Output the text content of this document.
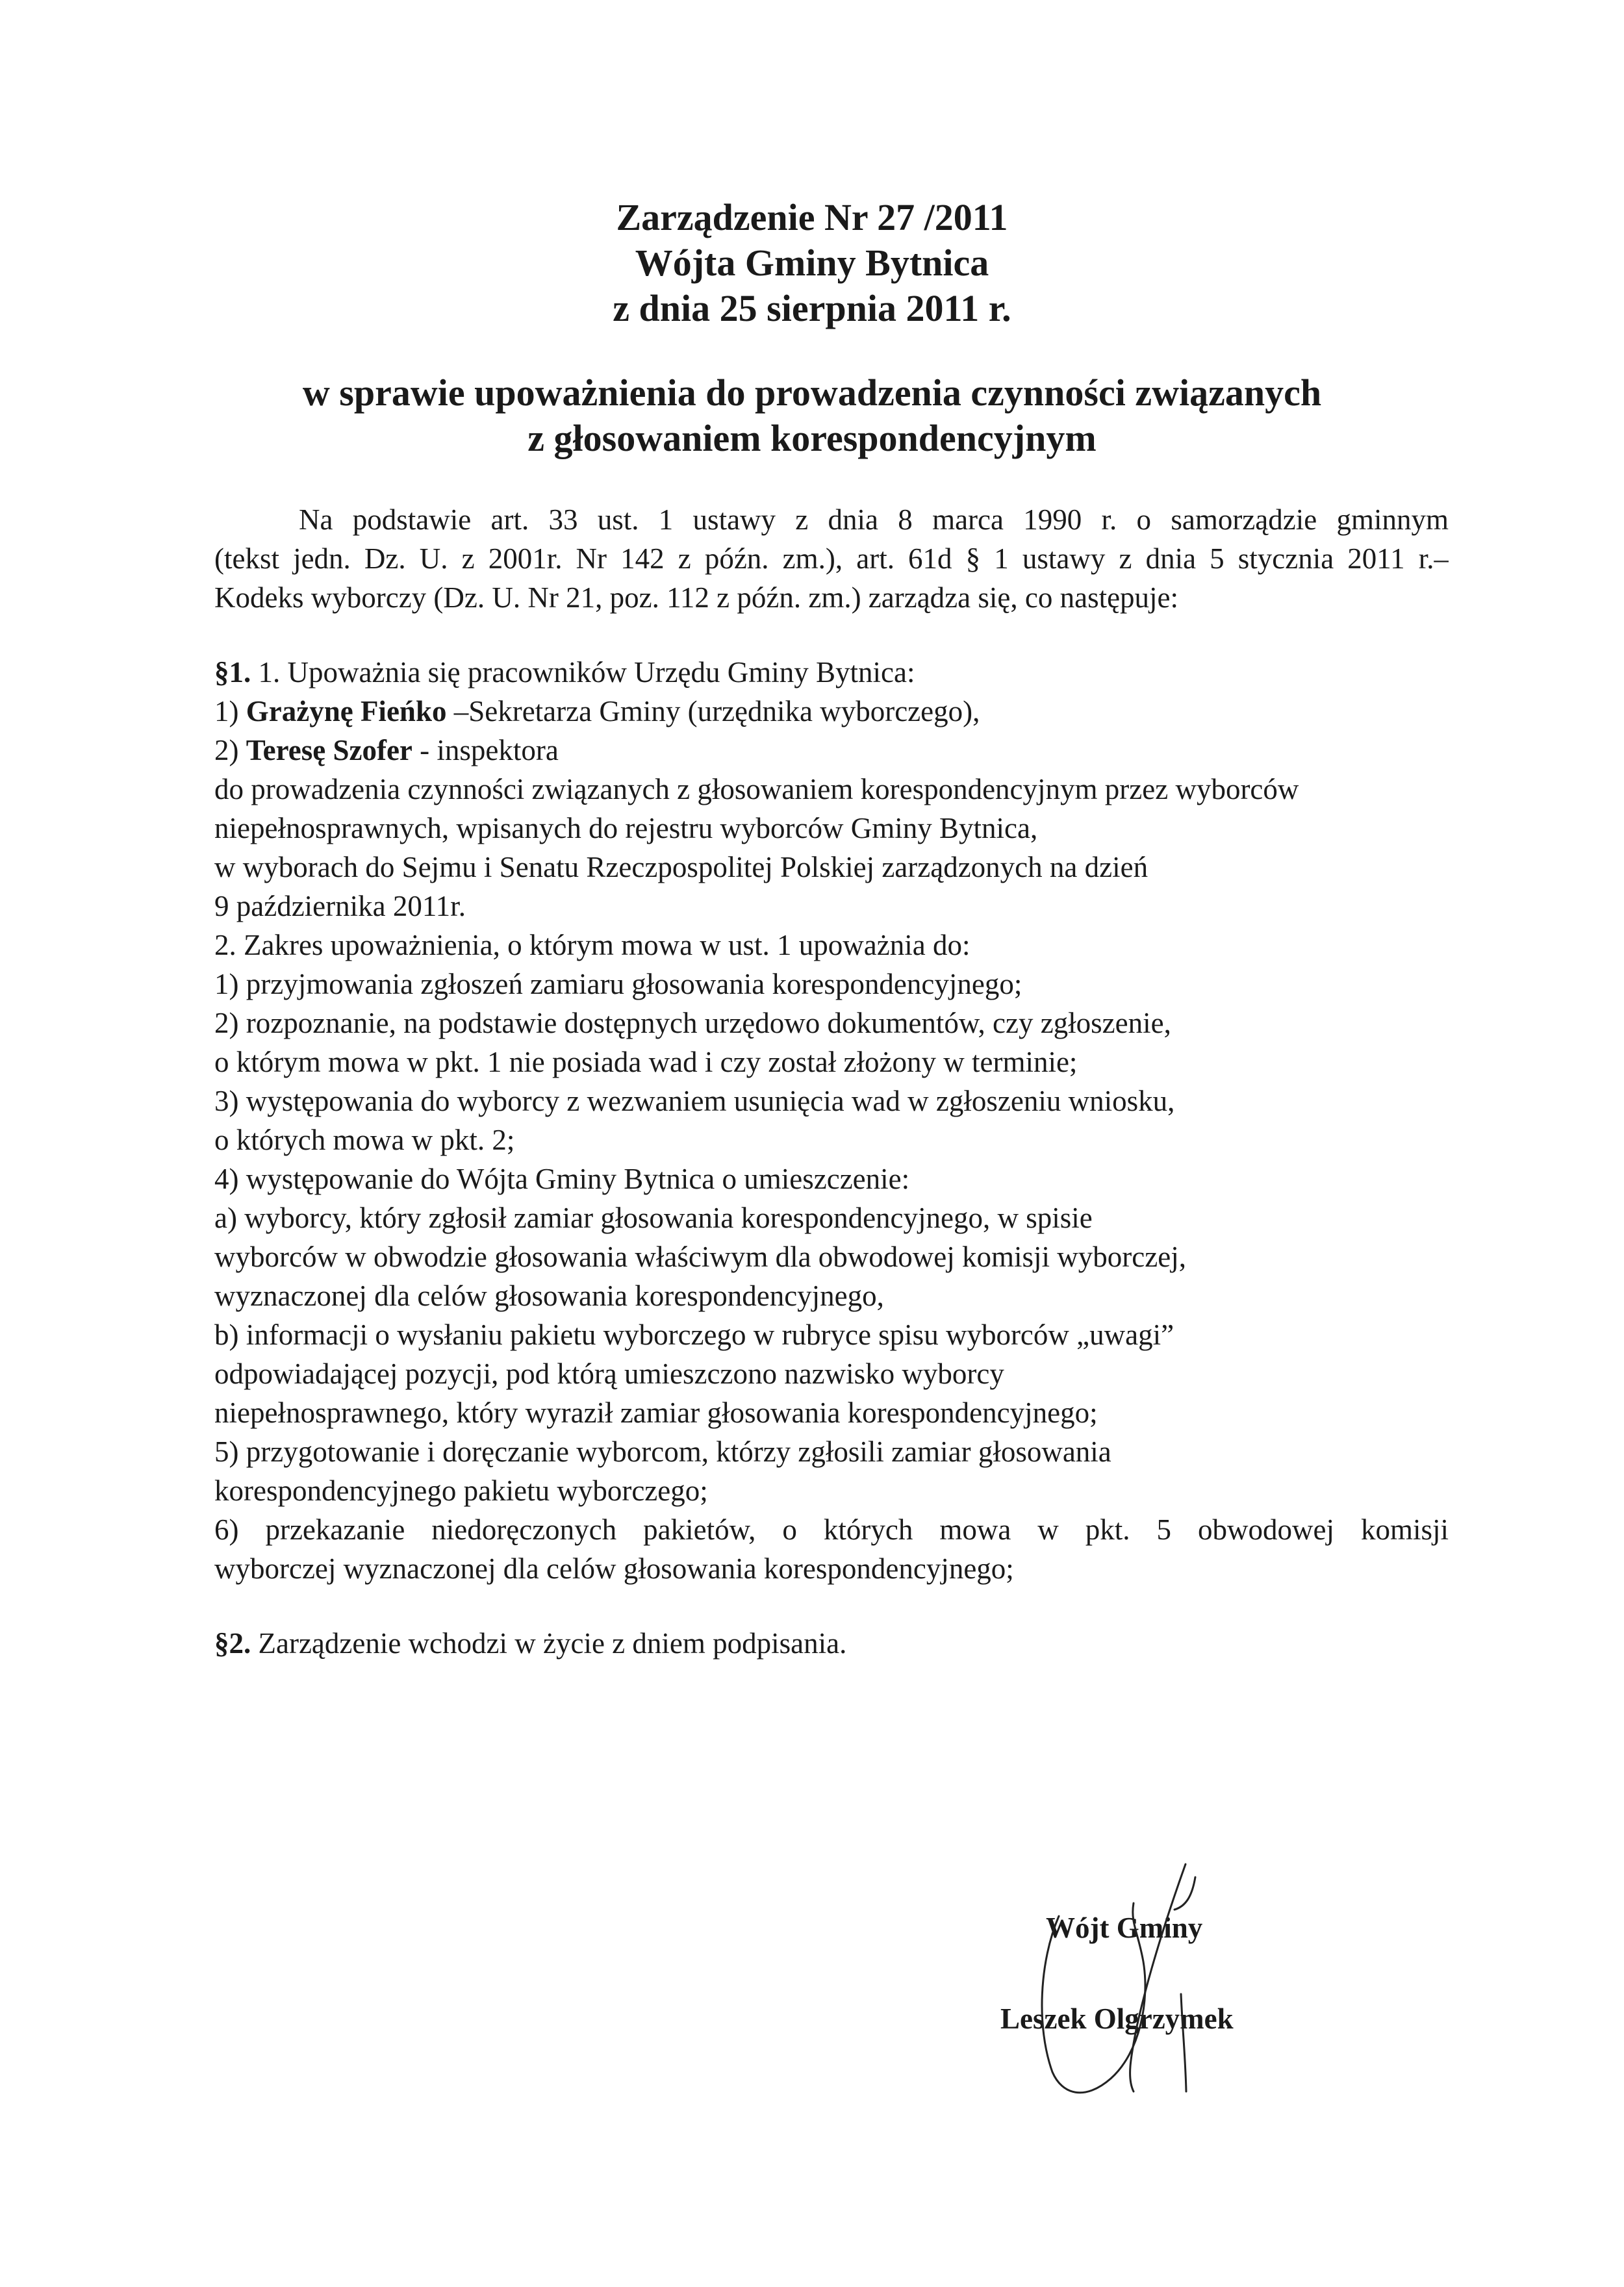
Zarządzenie Nr 27 /2011
Wójta Gminy Bytnica
z dnia 25 sierpnia 2011 r.
w sprawie upoważnienia do prowadzenia czynności związanych
z głosowaniem korespondencyjnym
Na podstawie art. 33 ust. 1 ustawy z dnia 8 marca 1990 r. o samorządzie gminnym
(tekst jedn. Dz. U. z 2001r. Nr 142 z późn. zm.), art. 61d § 1 ustawy z dnia 5 stycznia 2011 r.–
Kodeks wyborczy (Dz. U. Nr 21, poz. 112 z późn. zm.) zarządza się, co następuje:
§1. 1. Upoważnia się pracowników Urzędu Gminy Bytnica:
1) Grażynę Fieńko –Sekretarza Gminy (urzędnika wyborczego),
2) Teresę Szofer - inspektora
do prowadzenia czynności związanych z głosowaniem korespondencyjnym przez wyborców
niepełnosprawnych, wpisanych do rejestru wyborców Gminy Bytnica,
w wyborach do Sejmu i Senatu Rzeczpospolitej Polskiej zarządzonych na dzień
9 października 2011r.
2. Zakres upoważnienia, o którym mowa w ust. 1 upoważnia do:
1) przyjmowania zgłoszeń zamiaru głosowania korespondencyjnego;
2) rozpoznanie, na podstawie dostępnych urzędowo dokumentów, czy zgłoszenie,
o którym mowa w pkt. 1 nie posiada wad i czy został złożony w terminie;
3) występowania do wyborcy z wezwaniem usunięcia wad w zgłoszeniu wniosku,
o których mowa w pkt. 2;
4) występowanie do Wójta Gminy Bytnica o umieszczenie:
a) wyborcy, który zgłosił zamiar głosowania korespondencyjnego, w spisie
wyborców w obwodzie głosowania właściwym dla obwodowej komisji wyborczej,
wyznaczonej dla celów głosowania korespondencyjnego,
b) informacji o wysłaniu pakietu wyborczego w rubryce spisu wyborców „uwagi”
odpowiadającej pozycji, pod którą umieszczono nazwisko wyborcy
niepełnosprawnego, który wyraził zamiar głosowania korespondencyjnego;
5) przygotowanie i doręczanie wyborcom, którzy zgłosili zamiar głosowania
korespondencyjnego pakietu wyborczego;
6) przekazanie niedoręczonych pakietów, o których mowa w pkt. 5 obwodowej komisji
wyborczej wyznaczonej dla celów głosowania korespondencyjnego;
§2. Zarządzenie wchodzi w życie z dniem podpisania.
Wójt Gminy
Leszek Olgrzymek
